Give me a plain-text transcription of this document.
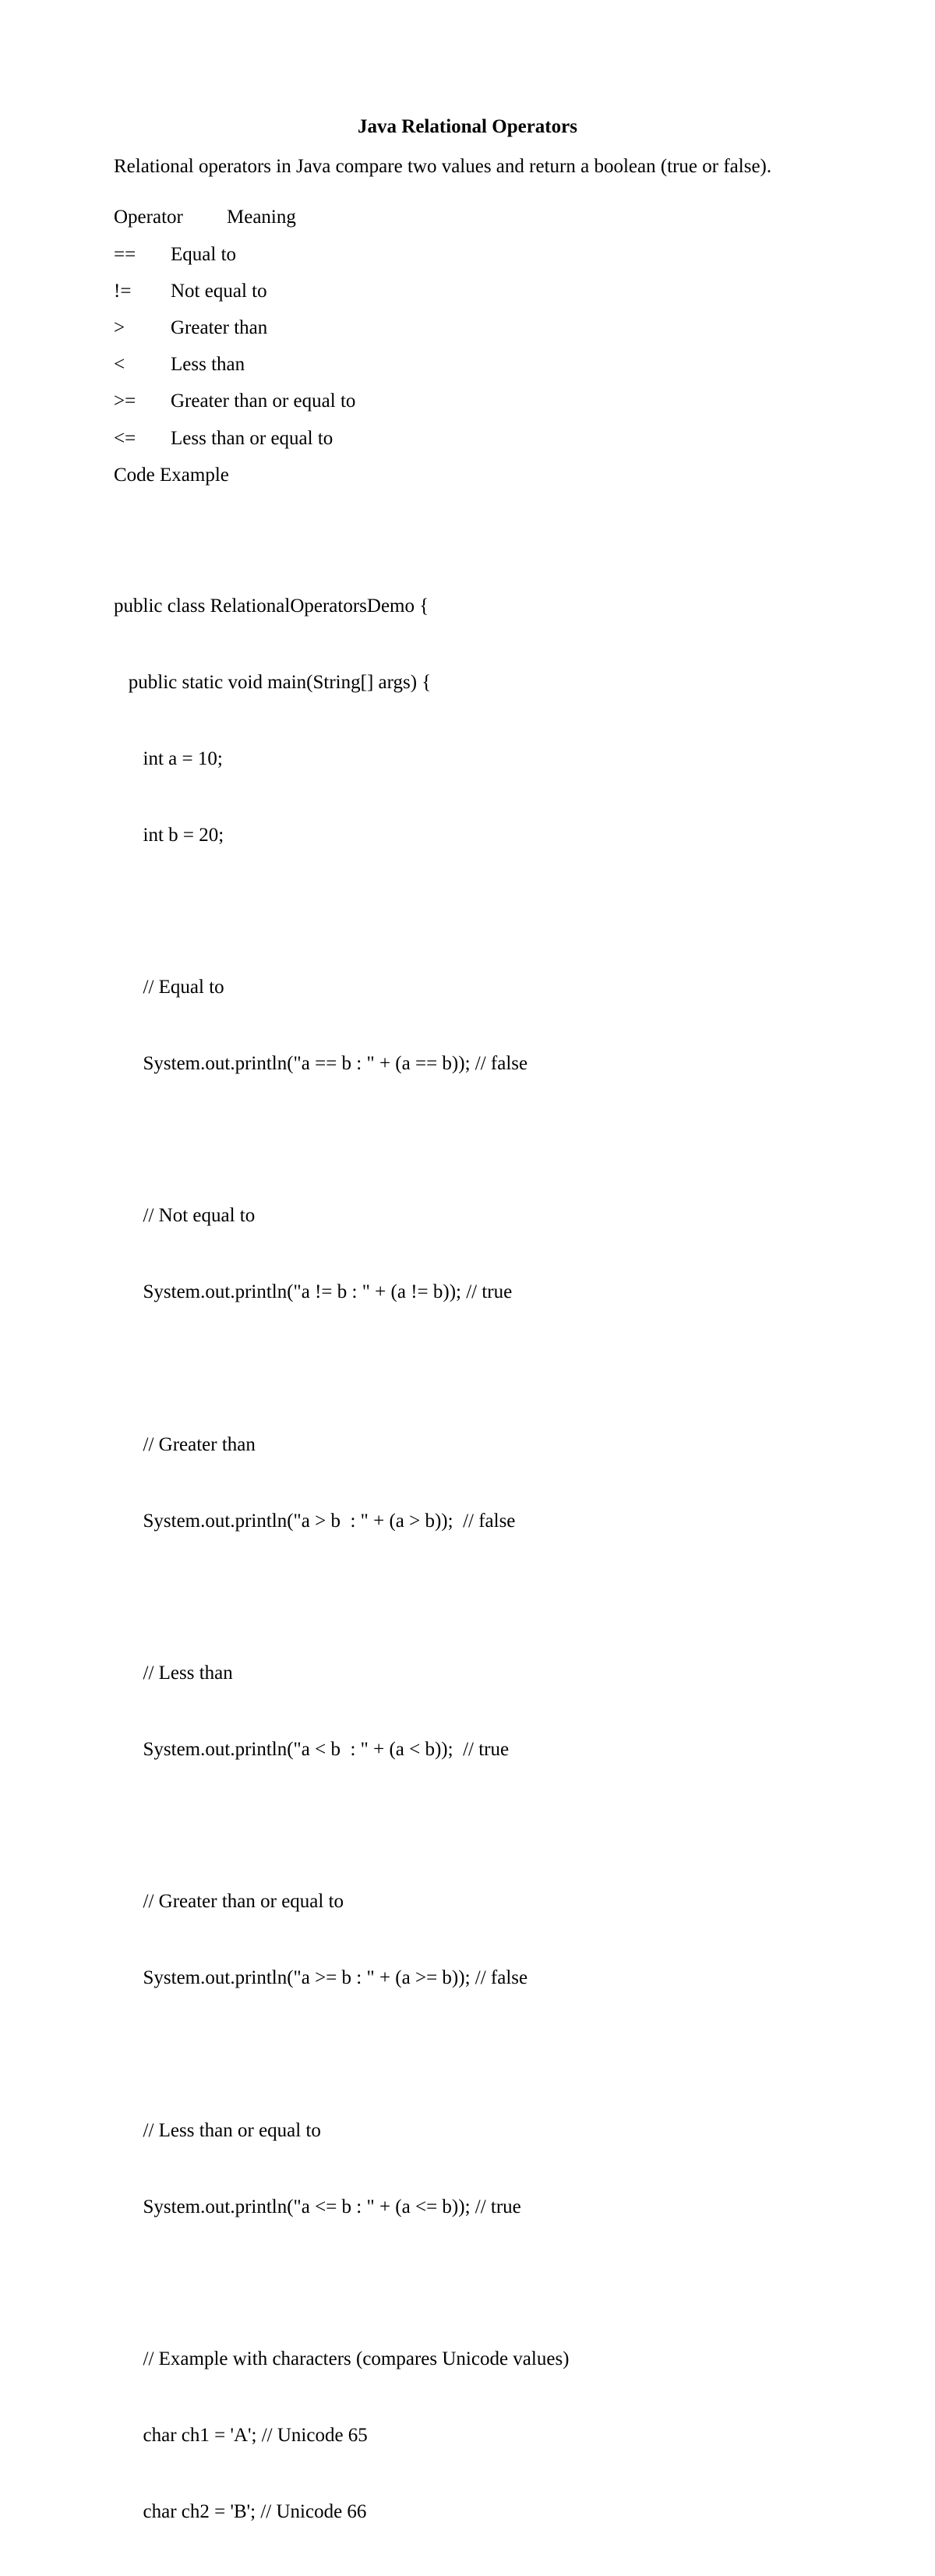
Java Relational Operators
Relational operators in Java compare two values and return a boolean (true or false).
Operator Meaning
== Equal to
!= Not equal to
> Greater than
< Less than
>= Greater than or equal to
<= Less than or equal to
Code Example

public class RelationalOperatorsDemo {

public static void main(String[] args) {

int a = 10;

int b = 20;

// Equal to

System.out.println("a == b : " + (a == b)); // false

// Not equal to

System.out.println("a != b : " + (a != b)); // true

// Greater than

System.out.println("a > b  : " + (a > b));  // false

// Less than

System.out.println("a < b  : " + (a < b));  // true

// Greater than or equal to

System.out.println("a >= b : " + (a >= b)); // false

// Less than or equal to

System.out.println("a <= b : " + (a <= b)); // true

// Example with characters (compares Unicode values)

char ch1 = 'A'; // Unicode 65

char ch2 = 'B'; // Unicode 66
